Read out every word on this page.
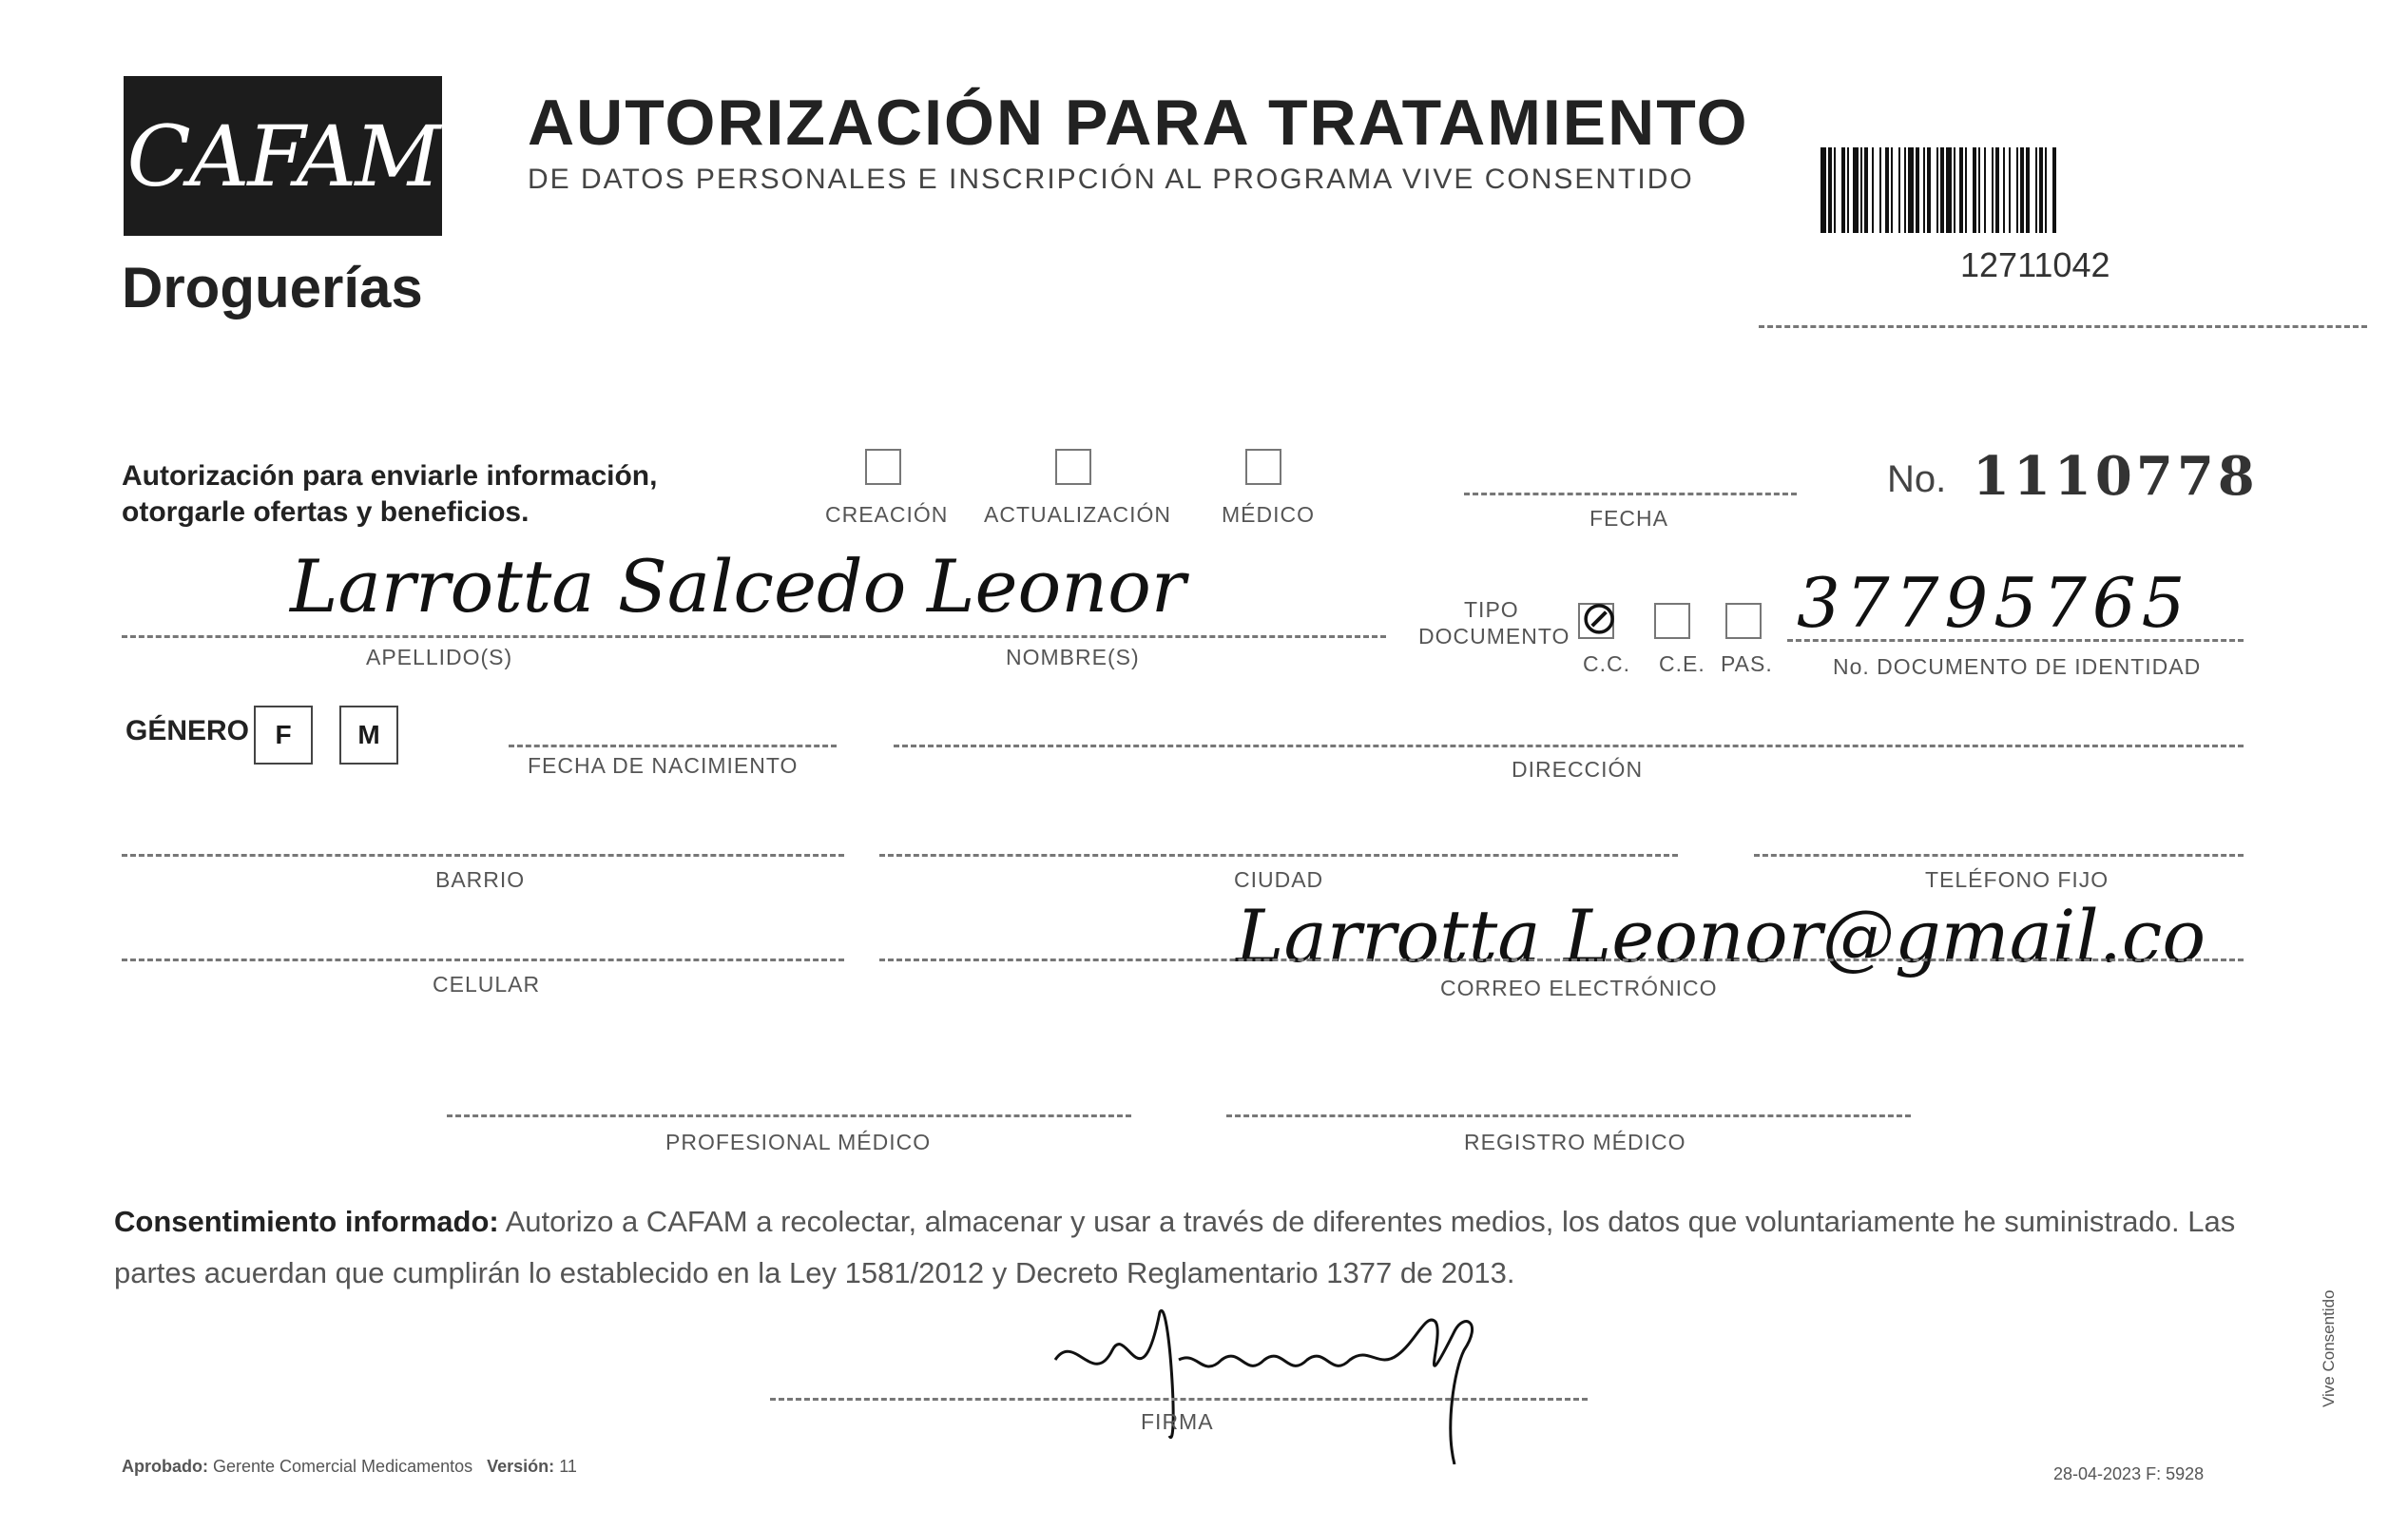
CAFAM
Droguerías
AUTORIZACIÓN PARA TRATAMIENTO
DE DATOS PERSONALES E INSCRIPCIÓN AL PROGRAMA VIVE CONSENTIDO
12711042
Autorización para enviarle información,
otorgarle ofertas y beneficios.	CREACIÓN ACTUALIZACIÓN MÉDICO	FECHA
No. 1110778
Larrotta Salcedo
APELLIDO(S)
Leonor
NOMBRE(S)
TIPO
DOCUMENTO ⊘
C.C. C.E. PAS.
37795765
No. DOCUMENTO DE IDENTIDAD
GÉNERO F M
FECHA DE NACIMIENTO	DIRECCIÓN
BARRIO	CIUDAD	TELÉFONO FIJO
CELULAR
Larrotta Leonor@gmail.co
CORREO ELECTRÓNICO
PROFESIONAL MÉDICO	REGISTRO MÉDICO
Consentimiento informado: Autorizo a CAFAM a recolectar, almacenar y usar a través de diferentes medios, los datos que voluntariamente he suministrado. Las partes acuerdan que cumplirán lo establecido en la Ley 1581/2012 y Decreto Reglamentario 1377 de 2013.
FIRMA
Aprobado: Gerente Comercial Medicamentos Versión: 11	28-04-2023 F: 5928
Vive Consentido
